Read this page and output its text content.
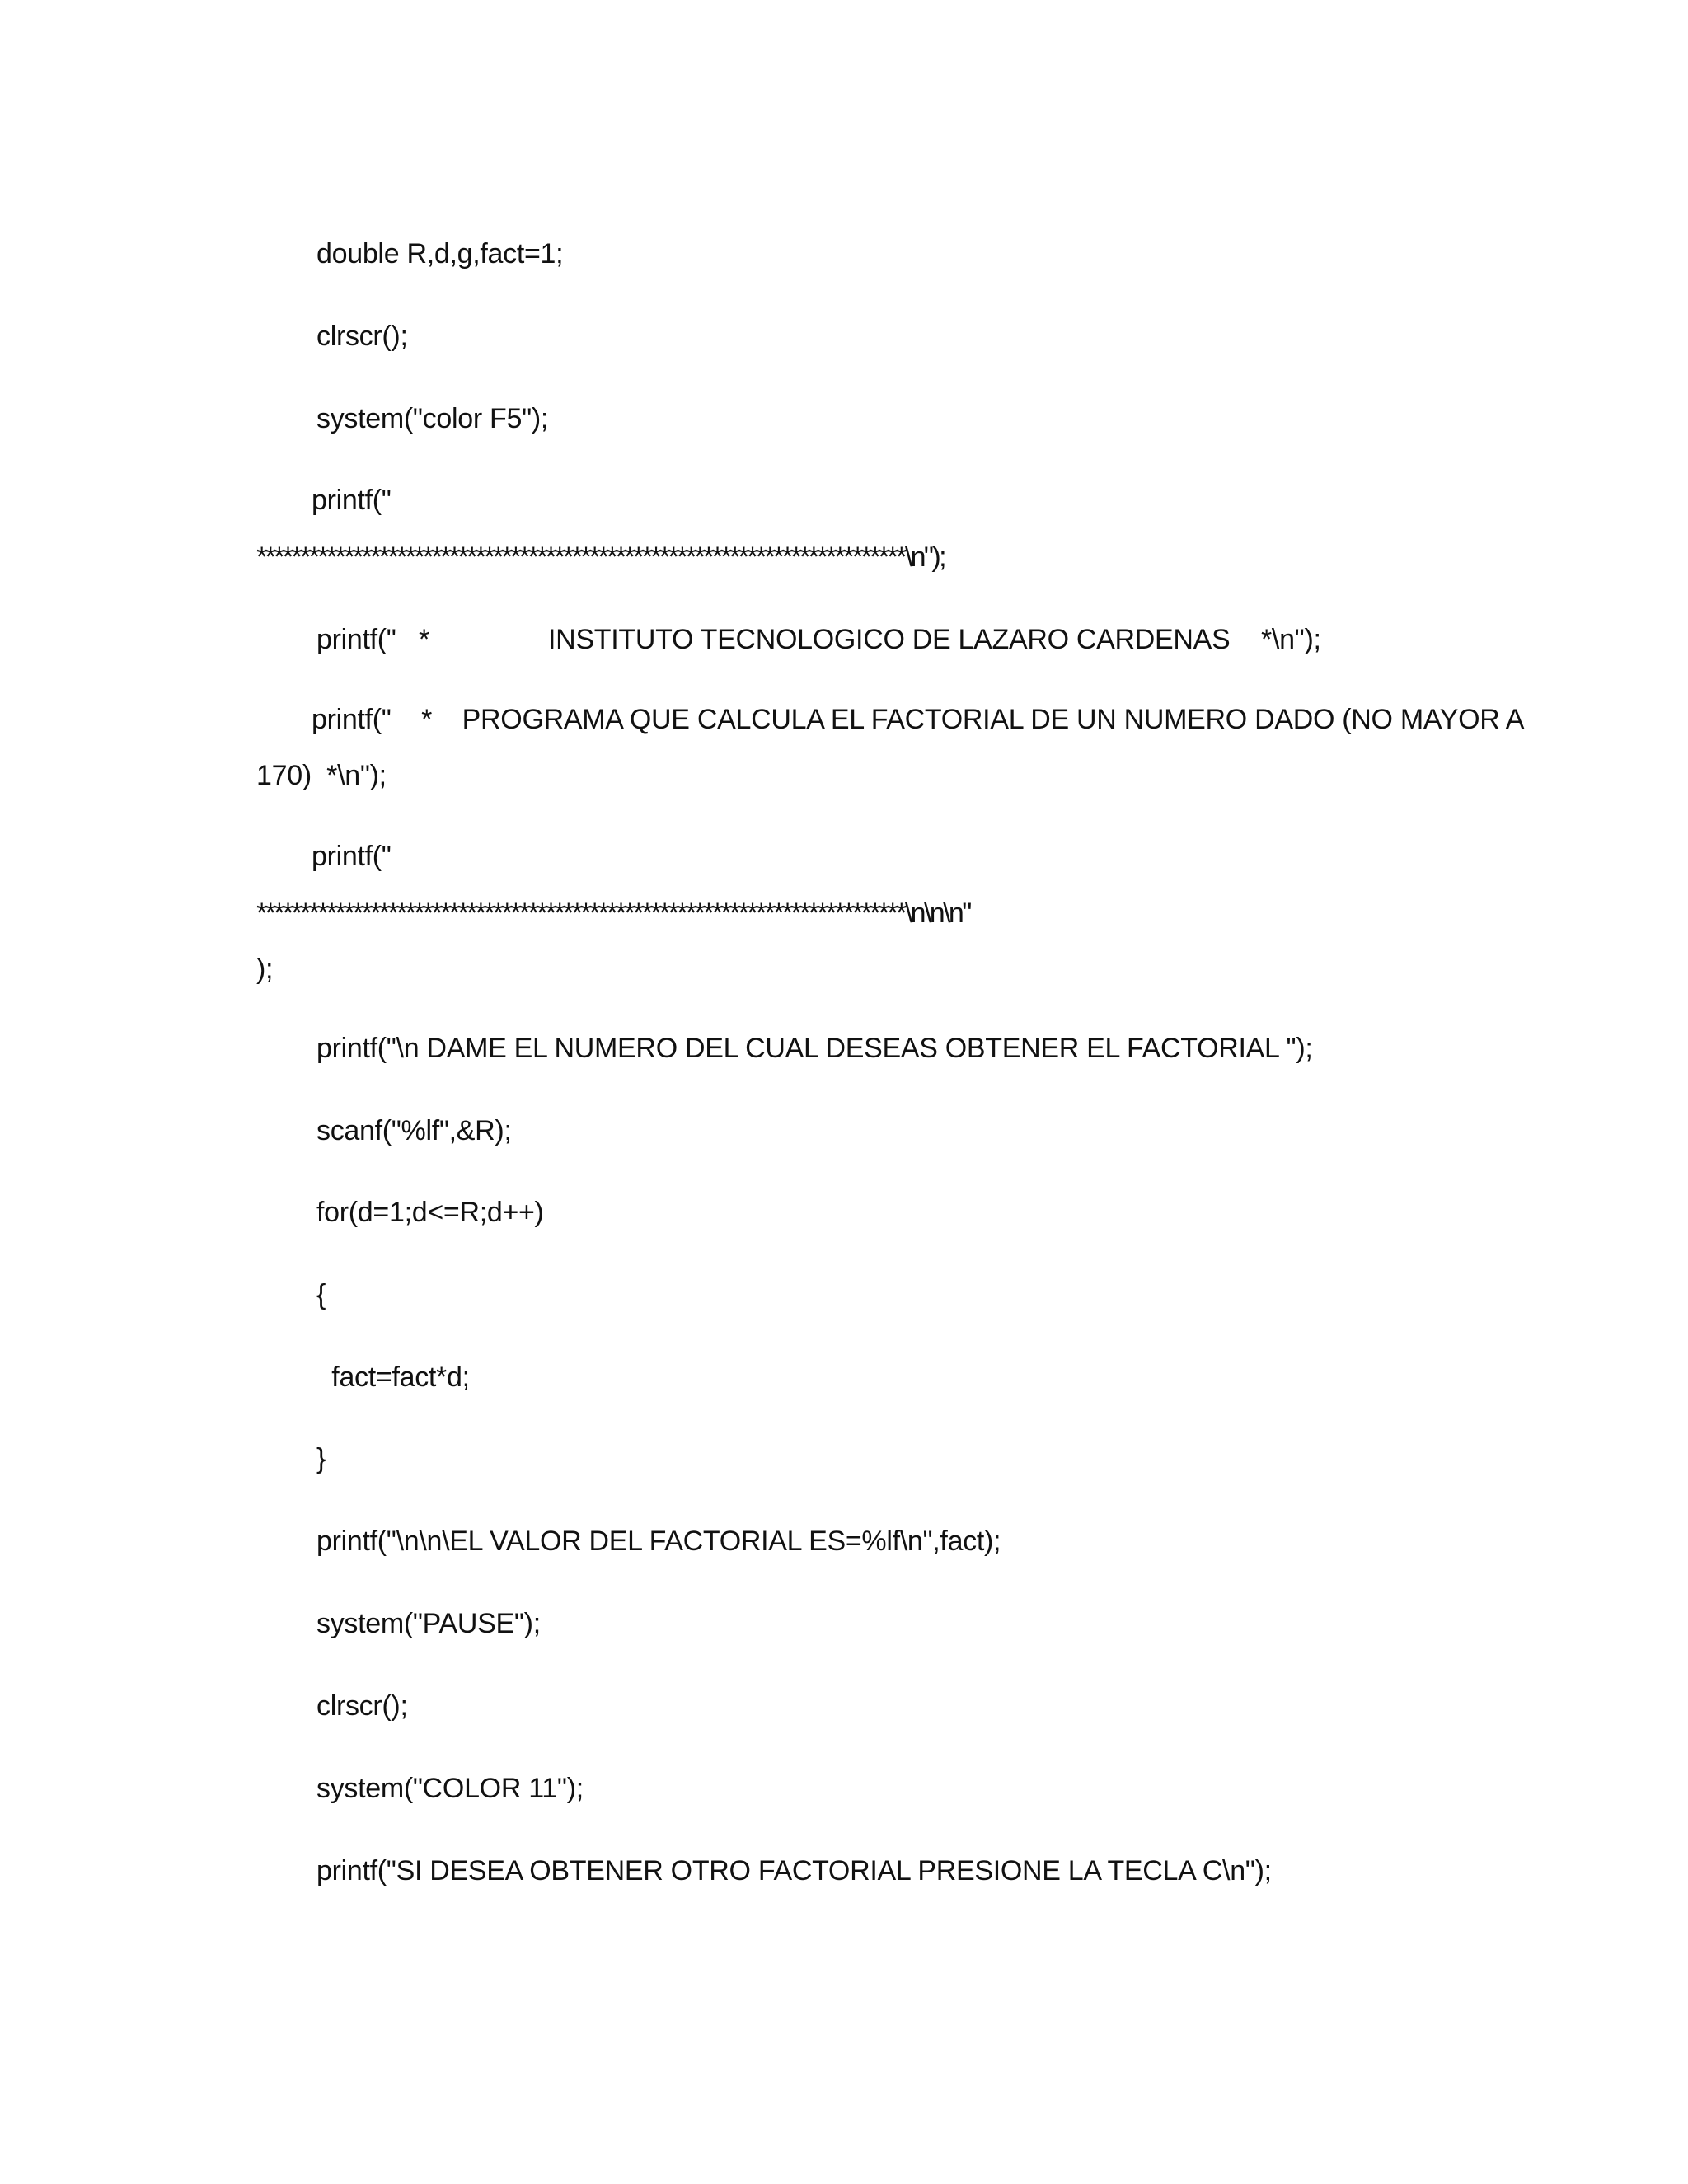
double R,d,g,fact=1;
clrscr();
system("color F5");
printf("
**************************************************************************\n");
printf("   *	INSTITUTO TECNOLOGICO DE LAZARO CARDENAS *\n");
printf("    *    PROGRAMA QUE CALCULA EL FACTORIAL DE UN NUMERO DADO (NO MAYOR A
170)  *\n");
printf("
**************************************************************************\n\n\n"
);
printf("\n DAME EL NUMERO DEL CUAL DESEAS OBTENER EL FACTORIAL ");
scanf("%lf",&R);
for(d=1;d<=R;d++)
{
fact=fact*d;
}
printf("\n\n\EL VALOR DEL FACTORIAL ES=%lf\n",fact);
system("PAUSE");
clrscr();
system("COLOR 11");
printf("SI DESEA OBTENER OTRO FACTORIAL PRESIONE LA TECLA C\n");
